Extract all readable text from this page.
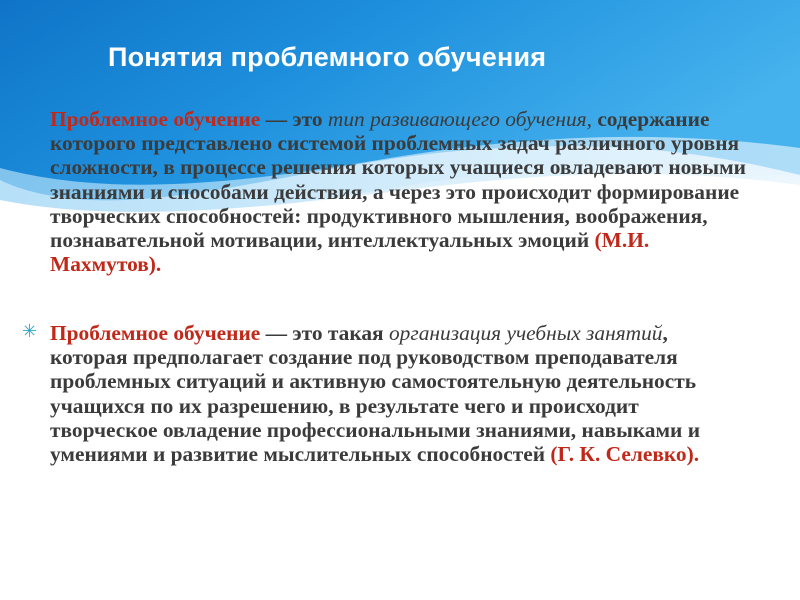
Понятия проблемного обучения
Проблемное обучение — это тип развивающего обучения, содержание которого представлено системой проблемных задач различного уровня сложности, в процессе решения которых учащиеся овладевают новыми знаниями и способами действия, а через это происходит формирование творческих способностей: продуктивного мышления, воображения, познавательной мотивации, интеллектуальных эмоций (М.И. Махмутов).
✳ Проблемное обучение — это такая организация учебных занятий, которая предполагает создание под руководством преподавателя проблемных ситуаций и активную самостоятельную деятельность учащихся по их разрешению, в результате чего и происходит творческое овладение профессиональными знаниями, навыками и умениями и развитие мыслительных способностей (Г. К. Селевко).
